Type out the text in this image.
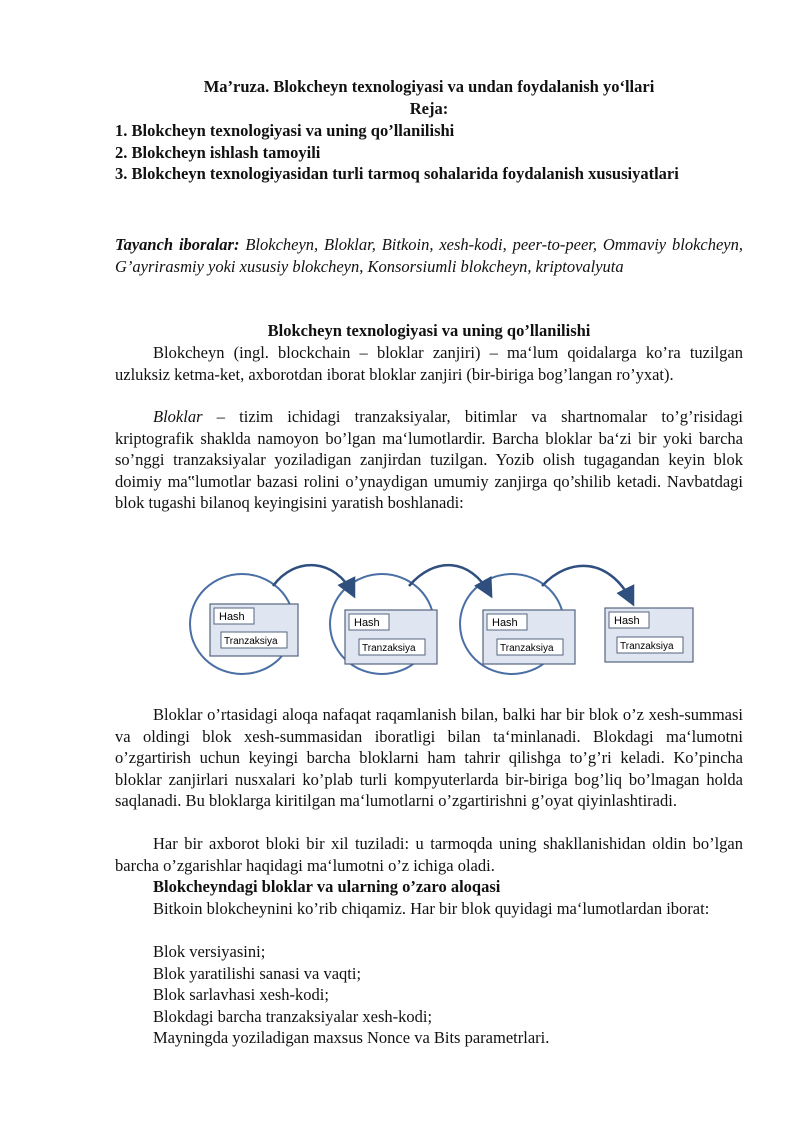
Ma’ruza. Blokcheyn texnologiyasi va undan foydalanish yo‘llari
Reja:
1. Blokcheyn texnologiyasi va uning qo’llanilishi
2. Blokcheyn ishlash tamoyili
3. Blokcheyn texnologiyasidan turli tarmoq sohalarida foydalanish xususiyatlari
Tayanch iboralar: Blokcheyn, Bloklar, Bitkoin, xesh-kodi, peer-to-peer, Ommaviy blokcheyn, G’ayrirasmiy yoki xususiy blokcheyn, Konsorsiumli blokcheyn, kriptovalyuta
Blokcheyn texnologiyasi va uning qo’llanilishi
Blokcheyn (ingl. blockchain – bloklar zanjiri) – ma‘lum qoidalarga ko’ra tuzilgan uzluksiz ketma-ket, axborotdan iborat bloklar zanjiri (bir-biriga bog’langan ro’yxat).
Bloklar – tizim ichidagi tranzaksiyalar, bitimlar va shartnomalar to’g’risidagi kriptografik shaklda namoyon bo’lgan ma‘lumotlardir. Barcha bloklar ba‘zi bir yoki barcha so’nggi tranzaksiyalar yoziladigan zanjirdan tuzilgan. Yozib olish tugagandan keyin blok doimiy ma‟lumotlar bazasi rolini o’ynaydigan umumiy zanjirga qo’shilib ketadi. Navbatdagi blok tugashi bilanoq keyingisini yaratish boshlanadi:
Hash
Tranzaksiya
Hash
Tranzaksiya
Hash
Tranzaksiya
Hash
Tranzaksiya
Bloklar o’rtasidagi aloqa nafaqat raqamlanish bilan, balki har bir blok o’z xesh-summasi va oldingi blok xesh-summasidan iboratligi bilan ta‘minlanadi. Blokdagi ma‘lumotni o’zgartirish uchun keyingi barcha bloklarni ham tahrir qilishga to’g’ri keladi. Ko’pincha bloklar zanjirlari nusxalari ko’plab turli kompyuterlarda bir-biriga bog’liq bo’lmagan holda saqlanadi. Bu bloklarga kiritilgan ma‘lumotlarni o’zgartirishni g’oyat qiyinlashtiradi.
Har bir axborot bloki bir xil tuziladi: u tarmoqda uning shakllanishidan oldin bo’lgan barcha o’zgarishlar haqidagi ma‘lumotni o’z ichiga oladi.
Blokcheyndagi bloklar va ularning o’zaro aloqasi
Bitkoin blokcheynini ko’rib chiqamiz. Har bir blok quyidagi ma‘lumotlardan iborat:
Blok versiyasini;
Blok yaratilishi sanasi va vaqti;
Blok sarlavhasi xesh-kodi;
Blokdagi barcha tranzaksiyalar xesh-kodi;
Mayningda yoziladigan maxsus Nonce va Bits parametrlari.
